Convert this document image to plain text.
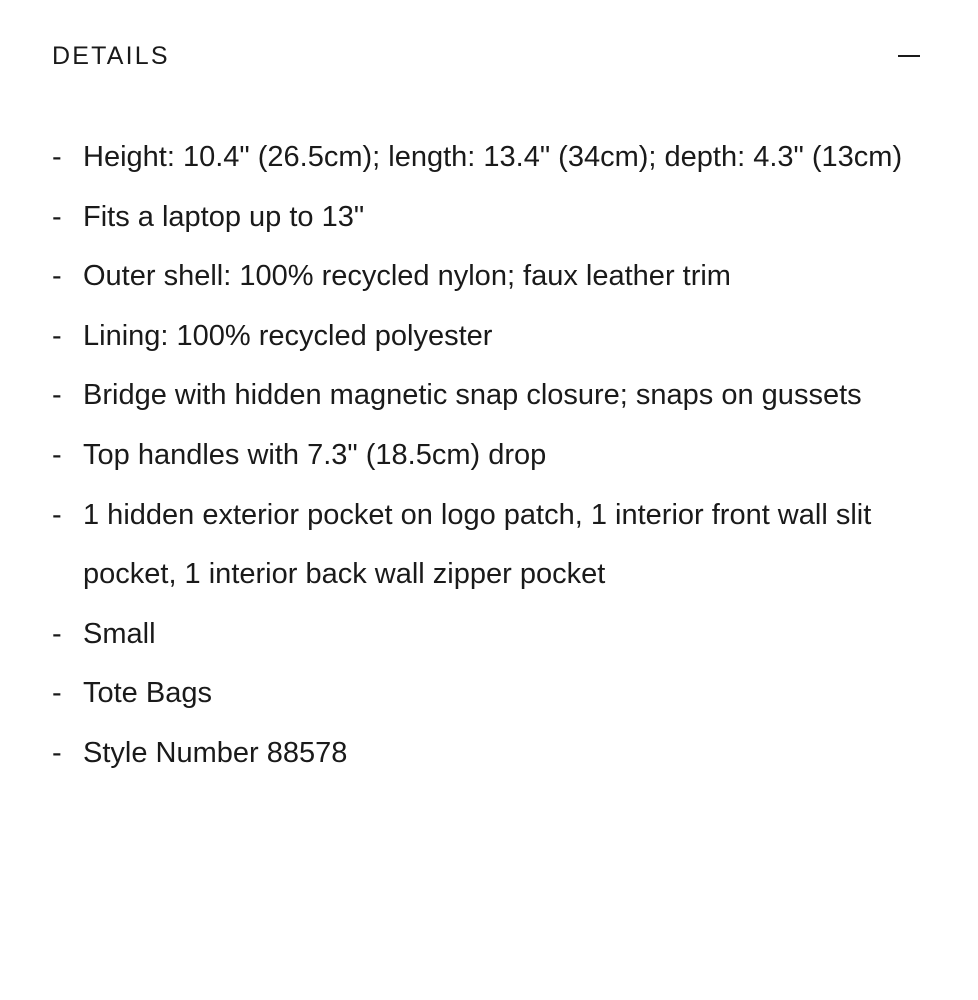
DETAILS
- Height: 10.4" (26.5cm); length: 13.4" (34cm); depth: 4.3" (13cm)
- Fits a laptop up to 13"
- Outer shell: 100% recycled nylon; faux leather trim
- Lining: 100% recycled polyester
- Bridge with hidden magnetic snap closure; snaps on gussets
- Top handles with 7.3" (18.5cm) drop
- 1 hidden exterior pocket on logo patch, 1 interior front wall slit pocket, 1 interior back wall zipper pocket
- Small
- Tote Bags
- Style Number 88578
